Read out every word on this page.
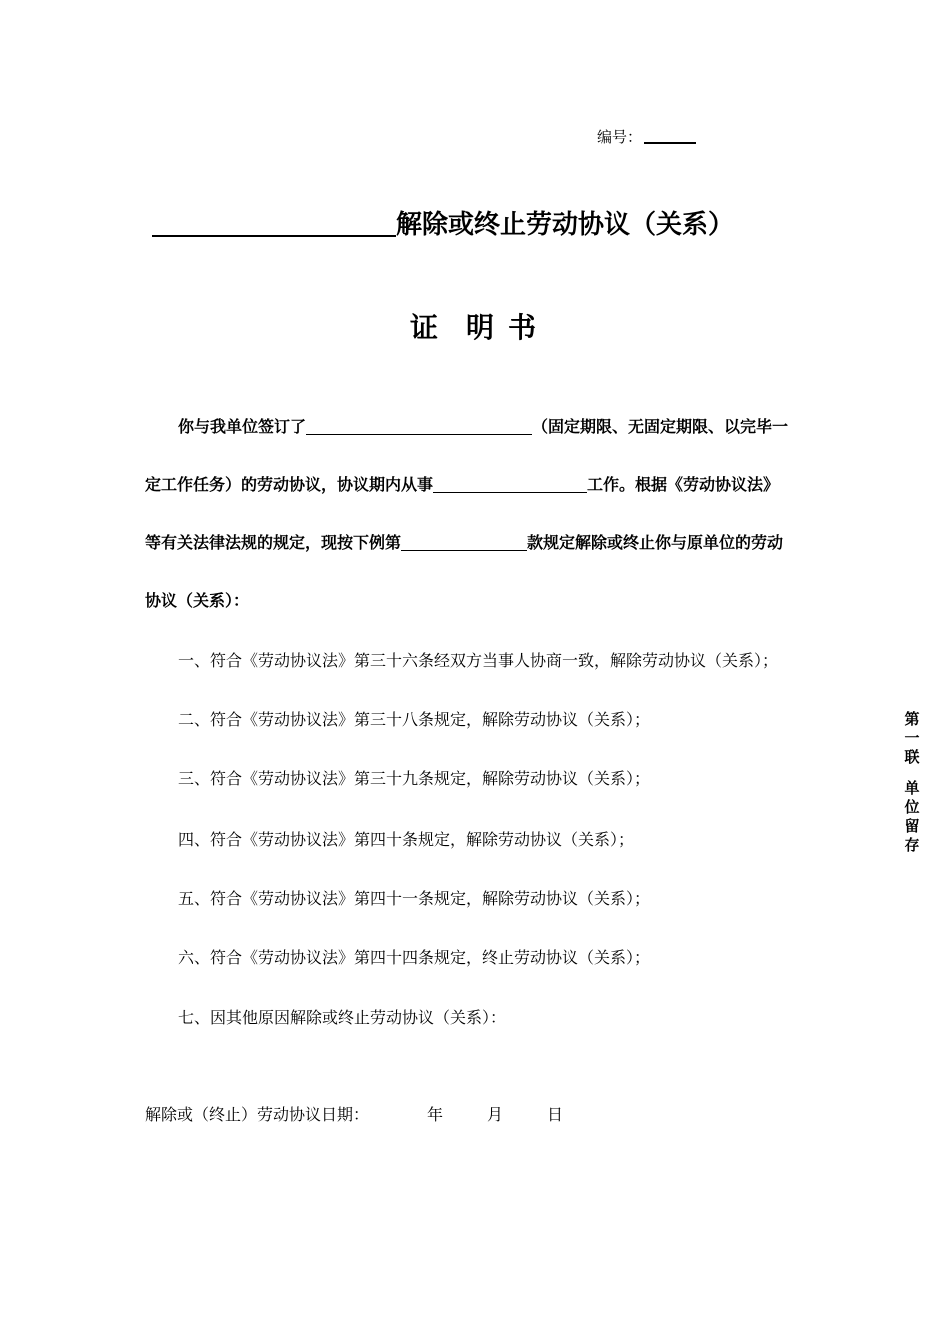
编号：
解除或终止劳动协议（关系）
证 明 书
你与我单位签订了	（固定期限、无固定期限、以完毕一
定工作任务）的劳动协议，协议期内从事	工作。根据《劳动协议法》
等有关法律法规的规定，现按下例第	款规定解除或终止你与原单位的劳动
协议（关系）：
一、符合《劳动协议法》第三十六条经双方当事人协商一致，解除劳动协议（关系）；
二、符合《劳动协议法》第三十八条规定，解除劳动协议（关系）；
三、符合《劳动协议法》第三十九条规定，解除劳动协议（关系）；
四、符合《劳动协议法》第四十条规定，解除劳动协议（关系）；
五、符合《劳动协议法》第四十一条规定，解除劳动协议（关系）；
六、符合《劳动协议法》第四十四条规定，终止劳动协议（关系）；
七、因其他原因解除或终止劳动协议（关系）：
解除或（终止）劳动协议日期：	年	月	日
第
一
联
单
位
留
存
